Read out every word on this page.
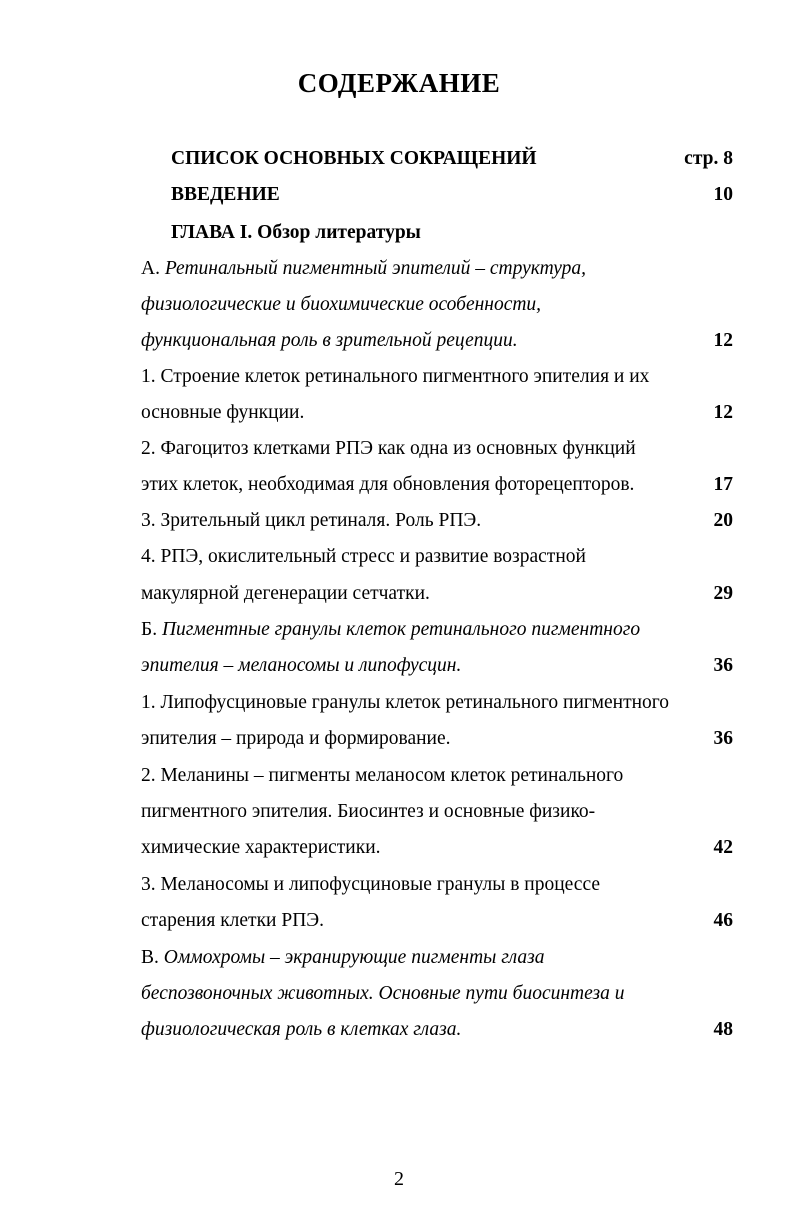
СОДЕРЖАНИЕ
СПИСОК ОСНОВНЫХ СОКРАЩЕНИЙ	стр. 8
ВВЕДЕНИЕ	10
ГЛАВА I. Обзор литературы
А. Ретинальный пигментный эпителий – структура,
физиологические и биохимические особенности,
функциональная роль в зрительной рецепции.	12
1. Строение клеток ретинального пигментного эпителия и их
основные функции.	12
2. Фагоцитоз клетками РПЭ как одна из основных функций
этих клеток, необходимая для обновления фоторецепторов.	17
3. Зрительный цикл ретиналя. Роль РПЭ.	20
4. РПЭ, окислительный стресс и развитие возрастной
макулярной дегенерации сетчатки.	29
Б. Пигментные гранулы клеток ретинального пигментного
эпителия – меланосомы и липофусцин.	36
1. Липофусциновые гранулы клеток ретинального пигментного
эпителия – природа и формирование.	36
2. Меланины – пигменты меланосом клеток ретинального
пигментного эпителия. Биосинтез и основные физико-
химические характеристики.	42
3. Меланосомы и липофусциновые гранулы в процессе
старения клетки РПЭ.	46
В. Оммохромы – экранирующие пигменты глаза
беспозвоночных животных. Основные пути биосинтеза и
физиологическая роль в клетках глаза.	48
2
